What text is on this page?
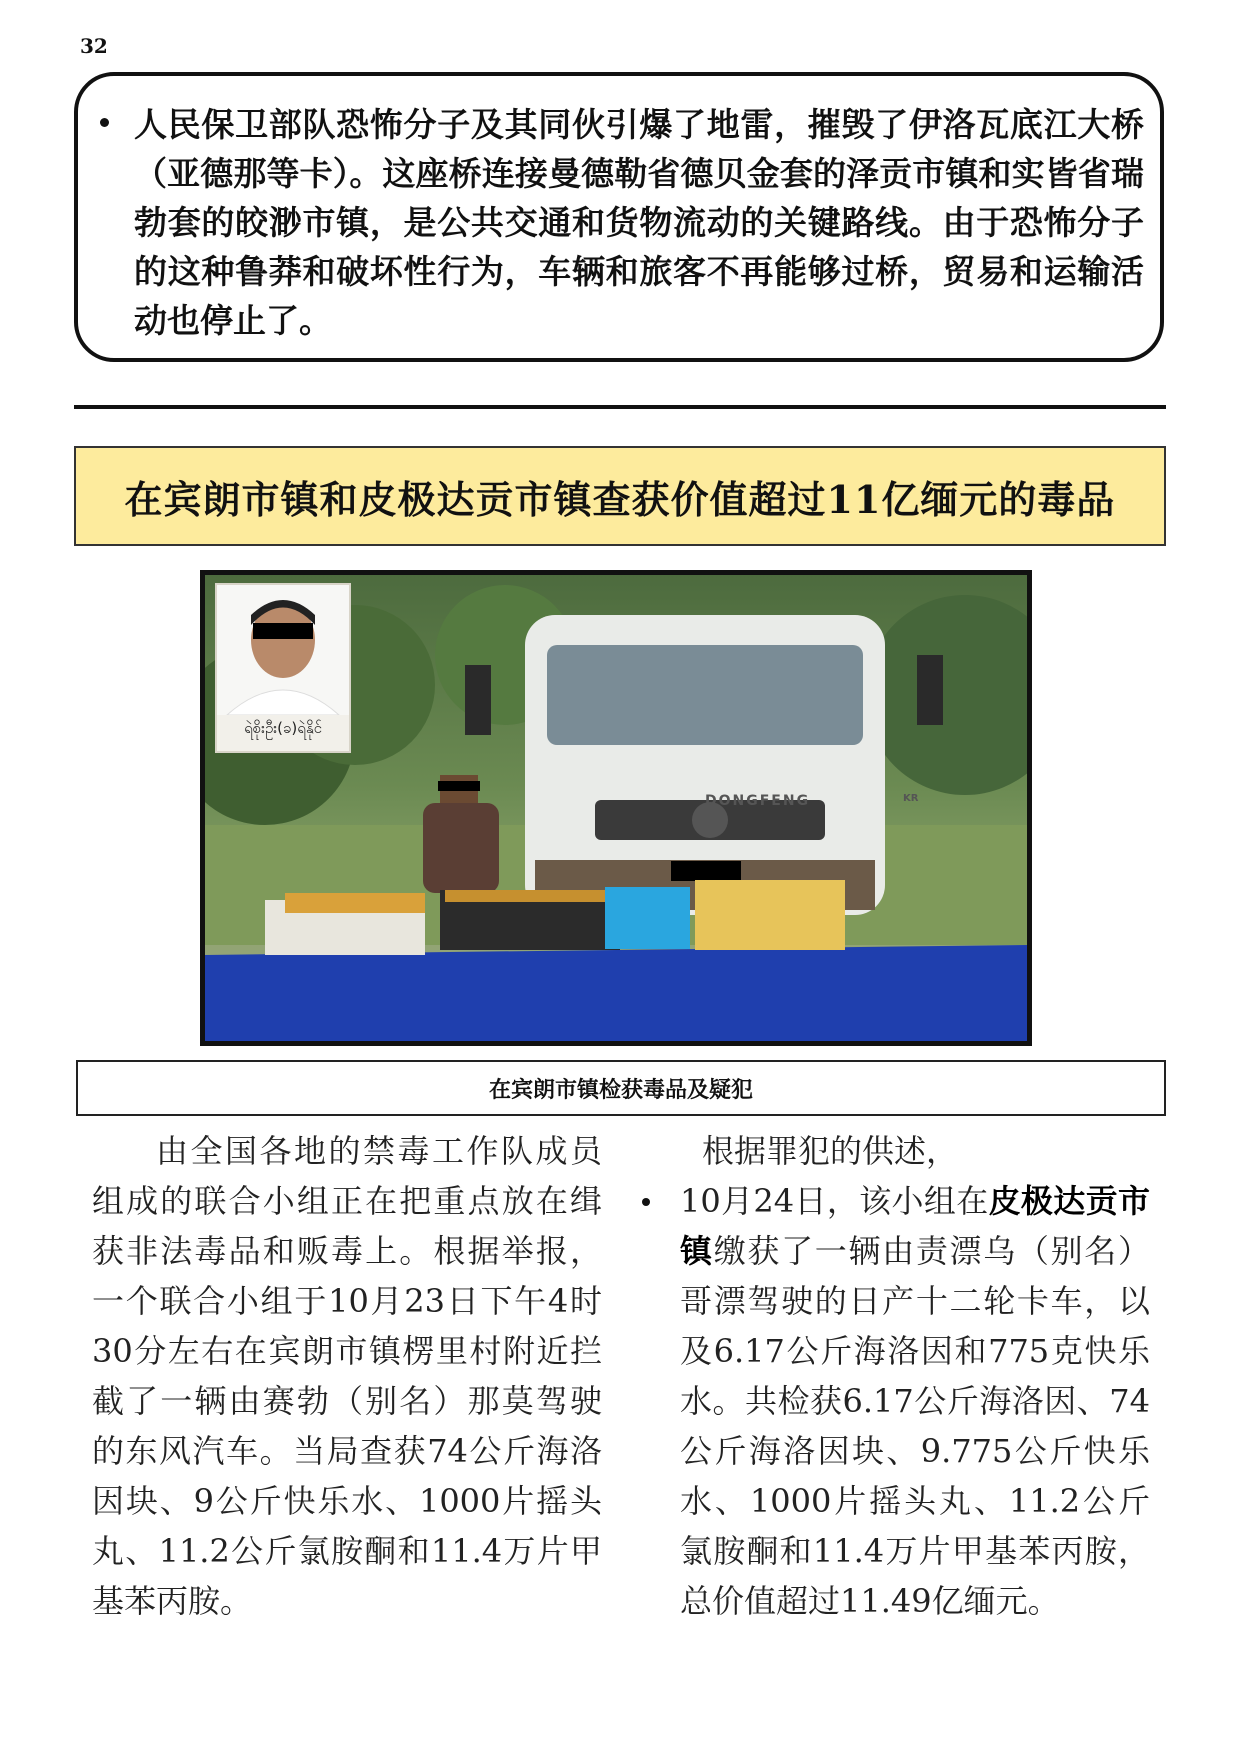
32
人民保卫部队恐怖分子及其同伙引爆了地雷，摧毁了伊洛瓦底江大桥（亚德那等卡）。这座桥连接曼德勒省德贝金套的泽贡市镇和实皆省瑞勃套的皎渺市镇，是公共交通和货物流动的关键路线。由于恐怖分子的这种鲁莽和破坏性行为，车辆和旅客不再能够过桥，贸易和运输活动也停止了。
在宾朗市镇和皮极达贡市镇查获价值超过11亿缅元的毒品
ရဲစိုးဦး(ခ)ရဲနိုင်
DONGFENG	KR
在宾朗市镇检获毒品及疑犯

由全国各地的禁毒工作队成员组成的联合小组正在把重点放在缉获非法毒品和贩毒上。根据举报，一个联合小组于10月23日下午4时30分左右在宾朗市镇楞里村附近拦截了一辆由赛勃（别名）那莫驾驶的东风汽车。当局查获74公斤海洛因块、9公斤快乐水、1000片摇头丸、11.2公斤氯胺酮和11.4万片甲基苯丙胺。

根据罪犯的供述，

10月24日，该小组在皮极达贡市镇缴获了一辆由责漂乌（别名）哥漂驾驶的日产十二轮卡车，以及6.17公斤海洛因和775克快乐水。共检获6.17公斤海洛因、74公斤海洛因块、9.775公斤快乐水、1000片摇头丸、11.2公斤氯胺酮和11.4万片甲基苯丙胺，总价值超过11.49亿缅元。
